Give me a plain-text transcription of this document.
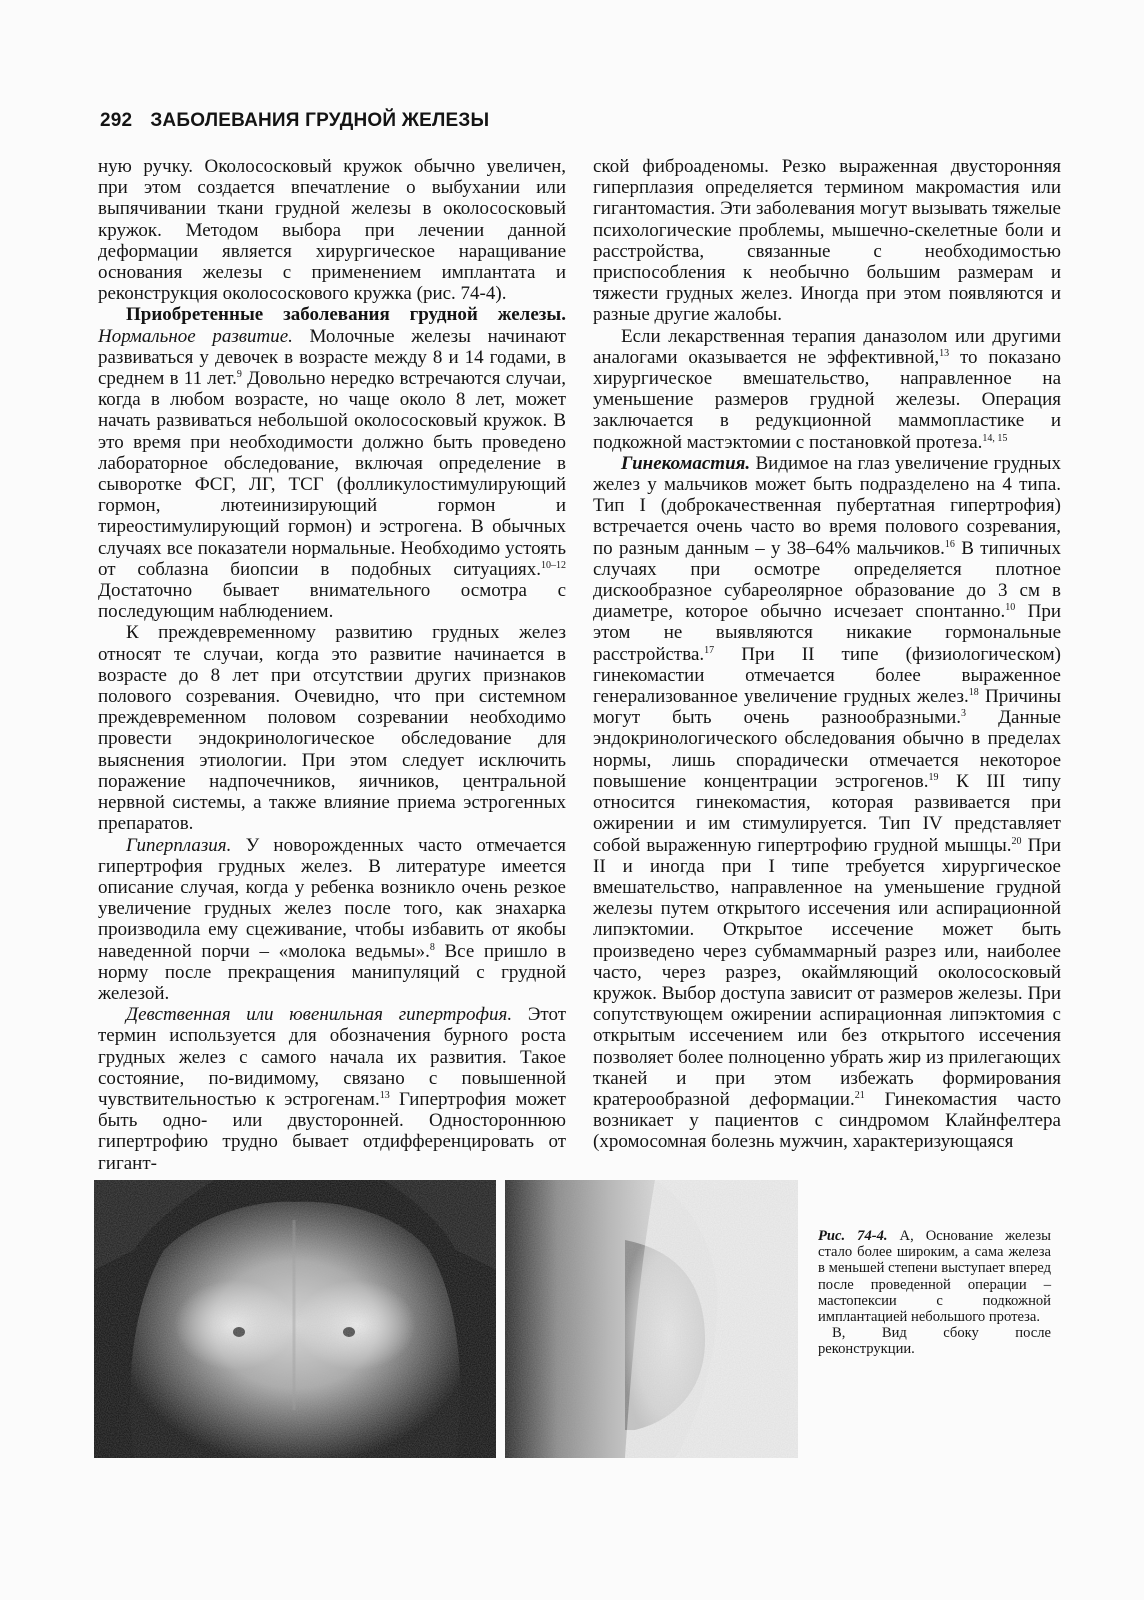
292 ЗАБОЛЕВАНИЯ ГРУДНОЙ ЖЕЛЕЗЫ

ную ручку. Околососковый кружок обычно увеличен, при этом создается впечатление о выбухании или выпячивании ткани грудной железы в околососковый кружок. Методом выбора при лечении данной деформации является хирургическое наращивание основания железы с применением имплантата и реконструкция околососкового кружка (рис. 74-4).

Приобретенные заболевания грудной железы. Нормальное развитие. Молочные железы начинают развиваться у девочек в возрасте между 8 и 14 годами, в среднем в 11 лет.$^9$ Довольно нередко встречаются случаи, когда в любом возрасте, но чаще около 8 лет, может начать развиваться небольшой околососковый кружок. В это время при необходимости должно быть проведено лабораторное обследование, включая определение в сыворотке ФСГ, ЛГ, ТСГ (фолликулостимулирующий гормон, лютеинизирующий гормон и тиреостимулирующий гормон) и эстрогена. В обычных случаях все показатели нормальные. Необходимо устоять от соблазна биопсии в подобных ситуациях.$^{10-12}$ Достаточно бывает внимательного осмотра с последующим наблюдением.

К преждевременному развитию грудных желез относят те случаи, когда это развитие начинается в возрасте до 8 лет при отсутствии других признаков полового созревания. Очевидно, что при системном преждевременном половом созревании необходимо провести эндокринологическое обследование для выяснения этиологии. При этом следует исключить поражение надпочечников, яичников, центральной нервной системы, а также влияние приема эстрогенных препаратов.

Гиперплазия. У новорожденных часто отмечается гипертрофия грудных желез. В литературе имеется описание случая, когда у ребенка возникло очень резкое увеличение грудных желез после того, как знахарка производила ему сцеживание, чтобы избавить от якобы наведенной порчи – «молока ведьмы».$^8$ Все пришло в норму после прекращения манипуляций с грудной железой.

Девственная или ювенильная гипертрофия. Этот термин используется для обозначения бурного роста грудных желез с самого начала их развития. Такое состояние, по-видимому, связано с повышенной чувствительностью к эстрогенам.$^{13}$ Гипертрофия может быть одно- или двусторонней. Одностороннюю гипертрофию трудно бывает отдифференцировать от гигант-

ской фиброаденомы. Резко выраженная двусторонняя гиперплазия определяется термином макромастия или гигантомастия. Эти заболевания могут вызывать тяжелые психологические проблемы, мышечно-скелетные боли и расстройства, связанные с необходимостью приспособления к необычно большим размерам и тяжести грудных желез. Иногда при этом появляются и разные другие жалобы.

Если лекарственная терапия даназолом или другими аналогами оказывается не эффективной,$^{13}$ то показано хирургическое вмешательство, направленное на уменьшение размеров грудной железы. Операция заключается в редукционной маммопластике и подкожной мастэктомии с постановкой протеза.$^{14, 15}$

Гинекомастия. Видимое на глаз увеличение грудных желез у мальчиков может быть подразделено на 4 типа. Тип I (доброкачественная пубертатная гипертрофия) встречается очень часто во время полового созревания, по разным данным – у 38–64% мальчиков.$^{16}$ В типичных случаях при осмотре определяется плотное дискообразное субареолярное образование до 3 см в диаметре, которое обычно исчезает спонтанно.$^{10}$ При этом не выявляются никакие гормональные расстройства.$^{17}$ При II типе (физиологическом) гинекомастии отмечается более выраженное генерализованное увеличение грудных желез.$^{18}$ Причины могут быть очень разнообразными.$^3$ Данные эндокринологического обследования обычно в пределах нормы, лишь спорадически отмечается некоторое повышение концентрации эстрогенов.$^{19}$ К III типу относится гинекомастия, которая развивается при ожирении и им стимулируется. Тип IV представляет собой выраженную гипертрофию грудной мышцы.$^{20}$ При II и иногда при I типе требуется хирургическое вмешательство, направленное на уменьшение грудной железы путем открытого иссечения или аспирационной липэктомии. Открытое иссечение может быть произведено через субмаммарный разрез или, наиболее часто, через разрез, окаймляющий околососковый кружок. Выбор доступа зависит от размеров железы. При сопутствующем ожирении аспирационная липэктомия с открытым иссечением или без открытого иссечения позволяет более полноценно убрать жир из прилегающих тканей и при этом избежать формирования кратерообразной деформации.$^{21}$ Гинекомастия часто возникает у пациентов с синдромом Клайнфелтера (хромосомная болезнь мужчин, характеризующаяся

Рис. 74-4. А, Основание железы стало более широким, а сама железа в меньшей степени выступает вперед после проведенной операции – мастопексии с подкожной имплантацией небольшого протеза.

В, Вид сбоку после реконструкции.
